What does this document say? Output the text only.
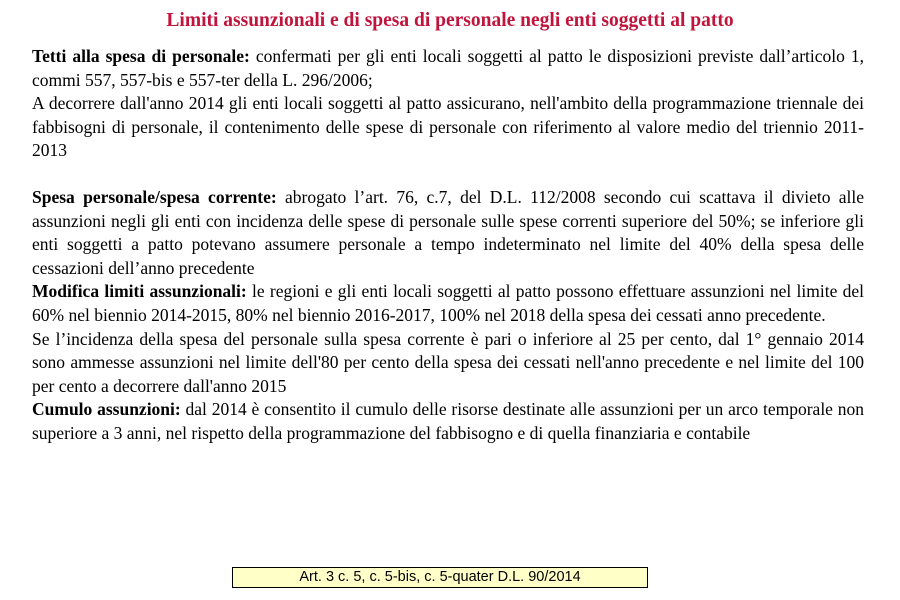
Limiti assunzionali e di spesa di personale negli enti soggetti al patto

Tetti alla spesa di personale: confermati per gli enti locali soggetti al patto le disposizioni previste dall’articolo 1, commi 557, 557-bis e 557-ter della L. 296/2006;

A decorrere dall'anno 2014 gli enti locali soggetti al patto assicurano, nell'ambito della programmazione triennale dei fabbisogni di personale, il contenimento delle spese di personale con riferimento al valore medio del triennio 2011-2013

Spesa personale/spesa corrente: abrogato l’art. 76, c.7, del D.L. 112/2008 secondo cui scattava il divieto alle assunzioni negli gli enti con incidenza delle spese di personale sulle spese correnti superiore del 50%; se inferiore gli enti soggetti a patto potevano assumere personale a tempo indeterminato nel limite del 40% della spesa delle cessazioni dell’anno precedente

Modifica limiti assunzionali: le regioni e gli enti locali soggetti al patto possono effettuare assunzioni nel limite del 60% nel biennio 2014-2015, 80% nel biennio 2016-2017, 100% nel 2018 della spesa dei cessati anno precedente.

Se l’incidenza della spesa del personale sulla spesa corrente è pari o inferiore al 25 per cento, dal 1° gennaio 2014 sono ammesse assunzioni nel limite dell'80 per cento della spesa dei cessati nell'anno precedente e nel limite del 100 per cento a decorrere dall'anno 2015

Cumulo assunzioni: dal 2014 è consentito il cumulo delle risorse destinate alle assunzioni per un arco temporale non superiore a 3 anni, nel rispetto della programmazione del fabbisogno e di quella finanziaria e contabile

Art. 3 c. 5, c. 5-bis, c. 5-quater D.L. 90/2014
